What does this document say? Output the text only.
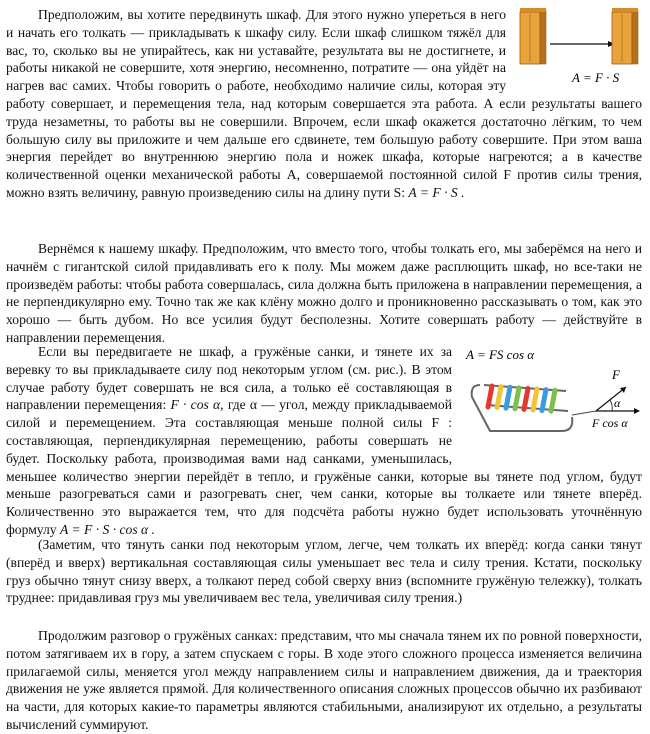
A = F · S
Предположим, вы хотите передвинуть шкаф. Для этого нужно упереться в него и начать его толкать — прикладывать к шкафу силу. Если шкаф слишком тяжёл для вас, то, сколько вы не упирайтесь, как ни уставайте, результата вы не достигнете, и работы никакой не совершите, хотя энергию, несомненно, потратите — она уйдёт на нагрев вас самих. Чтобы говорить о работе, необходимо наличие силы, которая эту работу совершает, и перемещения тела, над которым совершается эта работа. А если результаты вашего труда незаметны, то работы вы не совершили. Впрочем, если шкаф окажется достаточно лёгким, то чем большую силу вы приложите и чем дальше его сдвинете, тем большую работу совершите. При этом ваша энергия перейдет во внутреннюю энергию пола и ножек шкафа, которые нагреются; а в качестве количественной оценки механической работы A, совершаемой постоянной силой F против силы трения, можно взять величину, равную произведению силы на длину пути S: A = F · S .

Вернёмся к нашему шкафу. Предположим, что вместо того, чтобы толкать его, мы заберёмся на него и начнём с гигантской силой придавливать его к полу. Мы можем даже расплющить шкаф, но все-таки не произведём работы: чтобы работа совершалась, сила должна быть приложена в направлении перемещения, а не перпендикулярно ему. Точно так же как клёну можно долго и проникновенно рассказывать о том, как это хорошо — быть дубом. Но все усилия будут бесполезны. Хотите совершать работу — действуйте в направлении перемещения.

A = FS cos α
F
α
F cos α
Если вы передвигаете не шкаф, а гружёные санки, и тянете их за веревку то вы прикладываете силу под некоторым углом (см. рис.). В этом случае работу будет совершать не вся сила, а только её составляющая в направлении перемещения: F · cos α, где α — угол, между прикладываемой силой и перемещением. Эта составляющая меньше полной силы F : составляющая, перпендикулярная перемещению, работы совершать не будет. Поскольку работа, производимая вами над санками, уменьшилась, меньшее количество энергии перейдёт в тепло, и гружёные санки, которые вы тянете под углом, будут меньше разогреваться сами и разогревать снег, чем санки, которые вы толкаете или тянете вперёд. Количественно это выражается тем, что для подсчёта работы нужно будет использовать уточнённую формулу A = F · S · cos α .

(Заметим, что тянуть санки под некоторым углом, легче, чем толкать их вперёд: когда санки тянут (вперёд и вверх) вертикальная составляющая силы уменьшает вес тела и силу трения. Кстати, поскольку груз обычно тянут снизу вверх, а толкают перед собой сверху вниз (вспомните гружёную тележку), толкать труднее: придавливая груз мы увеличиваем вес тела, увеличивая силу трения.)

Продолжим разговор о гружёных санках: представим, что мы сначала тянем их по ровной поверхности, потом затягиваем их в гору, а затем спускаем с горы. В ходе этого сложного процесса изменяется величина прилагаемой силы, меняется угол между направлением силы и направлением движения, да и траектория движения не уже является прямой. Для количественного описания сложных процессов обычно их разбивают на части, для которых какие-то параметры являются стабильными, анализируют их отдельно, а результаты вычислений суммируют.
